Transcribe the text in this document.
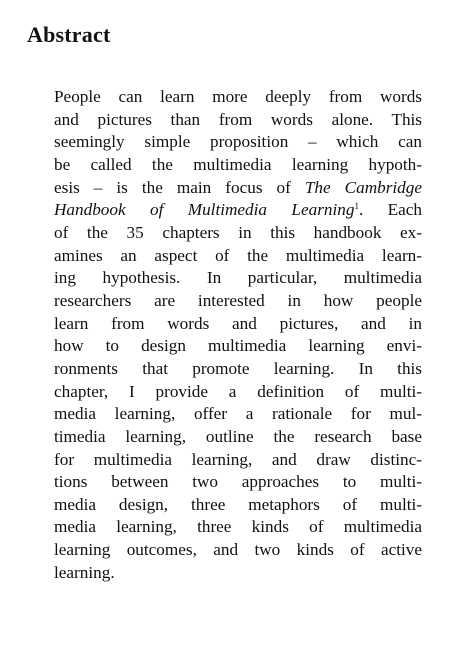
Abstract
People can learn more deeply from words
and pictures than from words alone. This
seemingly simple proposition – which can
be called the multimedia learning hypoth-
esis – is the main focus of The Cambridge
Handbook of Multimedia Learning$^1$. Each
of the 35 chapters in this handbook ex-
amines an aspect of the multimedia learn-
ing hypothesis. In particular, multimedia
researchers are interested in how people
learn from words and pictures, and in
how to design multimedia learning envi-
ronments that promote learning. In this
chapter, I provide a definition of multi-
media learning, offer a rationale for mul-
timedia learning, outline the research base
for multimedia learning, and draw distinc-
tions between two approaches to multi-
media design, three metaphors of multi-
media learning, three kinds of multimedia
learning outcomes, and two kinds of active
learning.
